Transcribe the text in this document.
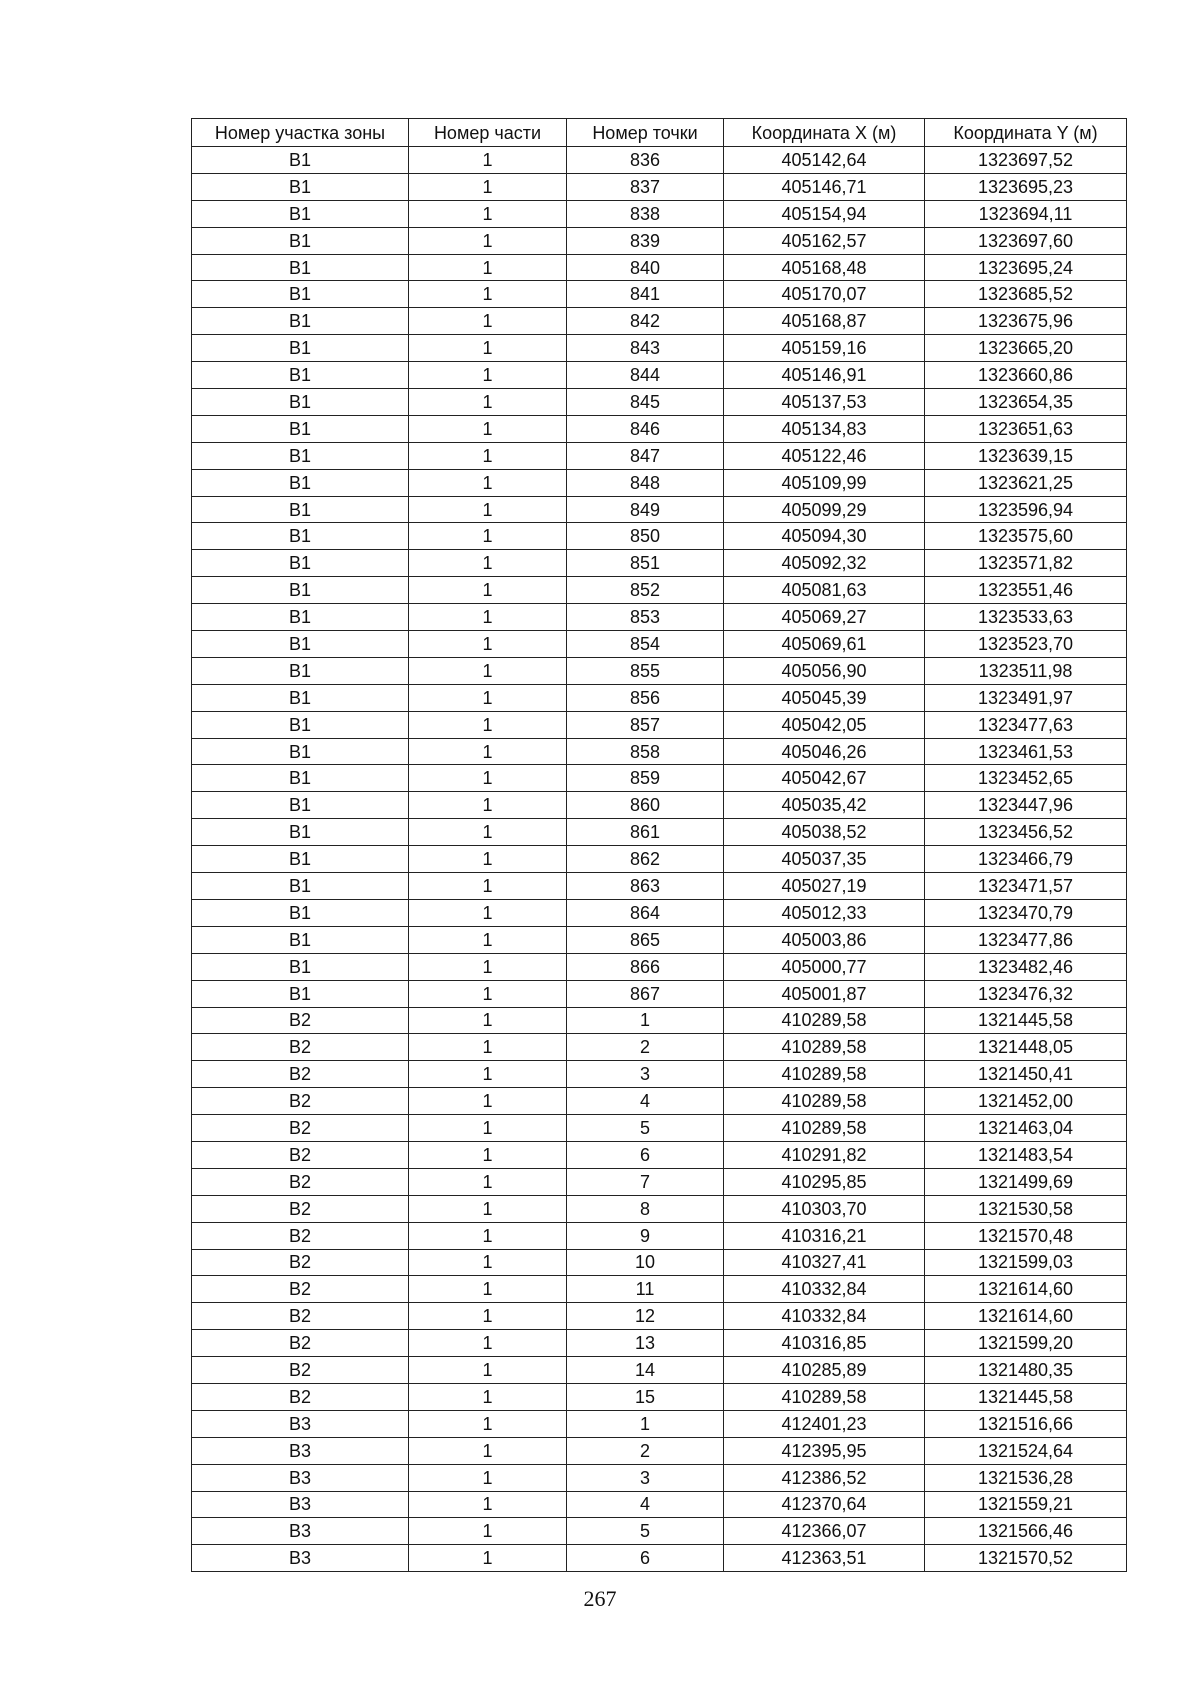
Номер участка зоны	Номер части	Номер точки	Координата X (м)	Координата Y (м)
В1	1	836	405142,64	1323697,52
В1	1	837	405146,71	1323695,23
В1	1	838	405154,94	1323694,11
В1	1	839	405162,57	1323697,60
В1	1	840	405168,48	1323695,24
В1	1	841	405170,07	1323685,52
В1	1	842	405168,87	1323675,96
В1	1	843	405159,16	1323665,20
В1	1	844	405146,91	1323660,86
В1	1	845	405137,53	1323654,35
В1	1	846	405134,83	1323651,63
В1	1	847	405122,46	1323639,15
В1	1	848	405109,99	1323621,25
В1	1	849	405099,29	1323596,94
В1	1	850	405094,30	1323575,60
В1	1	851	405092,32	1323571,82
В1	1	852	405081,63	1323551,46
В1	1	853	405069,27	1323533,63
В1	1	854	405069,61	1323523,70
В1	1	855	405056,90	1323511,98
В1	1	856	405045,39	1323491,97
В1	1	857	405042,05	1323477,63
В1	1	858	405046,26	1323461,53
В1	1	859	405042,67	1323452,65
В1	1	860	405035,42	1323447,96
В1	1	861	405038,52	1323456,52
В1	1	862	405037,35	1323466,79
В1	1	863	405027,19	1323471,57
В1	1	864	405012,33	1323470,79
В1	1	865	405003,86	1323477,86
В1	1	866	405000,77	1323482,46
В1	1	867	405001,87	1323476,32
В2	1	1	410289,58	1321445,58
В2	1	2	410289,58	1321448,05
В2	1	3	410289,58	1321450,41
В2	1	4	410289,58	1321452,00
В2	1	5	410289,58	1321463,04
В2	1	6	410291,82	1321483,54
В2	1	7	410295,85	1321499,69
В2	1	8	410303,70	1321530,58
В2	1	9	410316,21	1321570,48
В2	1	10	410327,41	1321599,03
В2	1	11	410332,84	1321614,60
В2	1	12	410332,84	1321614,60
В2	1	13	410316,85	1321599,20
В2	1	14	410285,89	1321480,35
В2	1	15	410289,58	1321445,58
В3	1	1	412401,23	1321516,66
В3	1	2	412395,95	1321524,64
В3	1	3	412386,52	1321536,28
В3	1	4	412370,64	1321559,21
В3	1	5	412366,07	1321566,46
В3	1	6	412363,51	1321570,52
267
